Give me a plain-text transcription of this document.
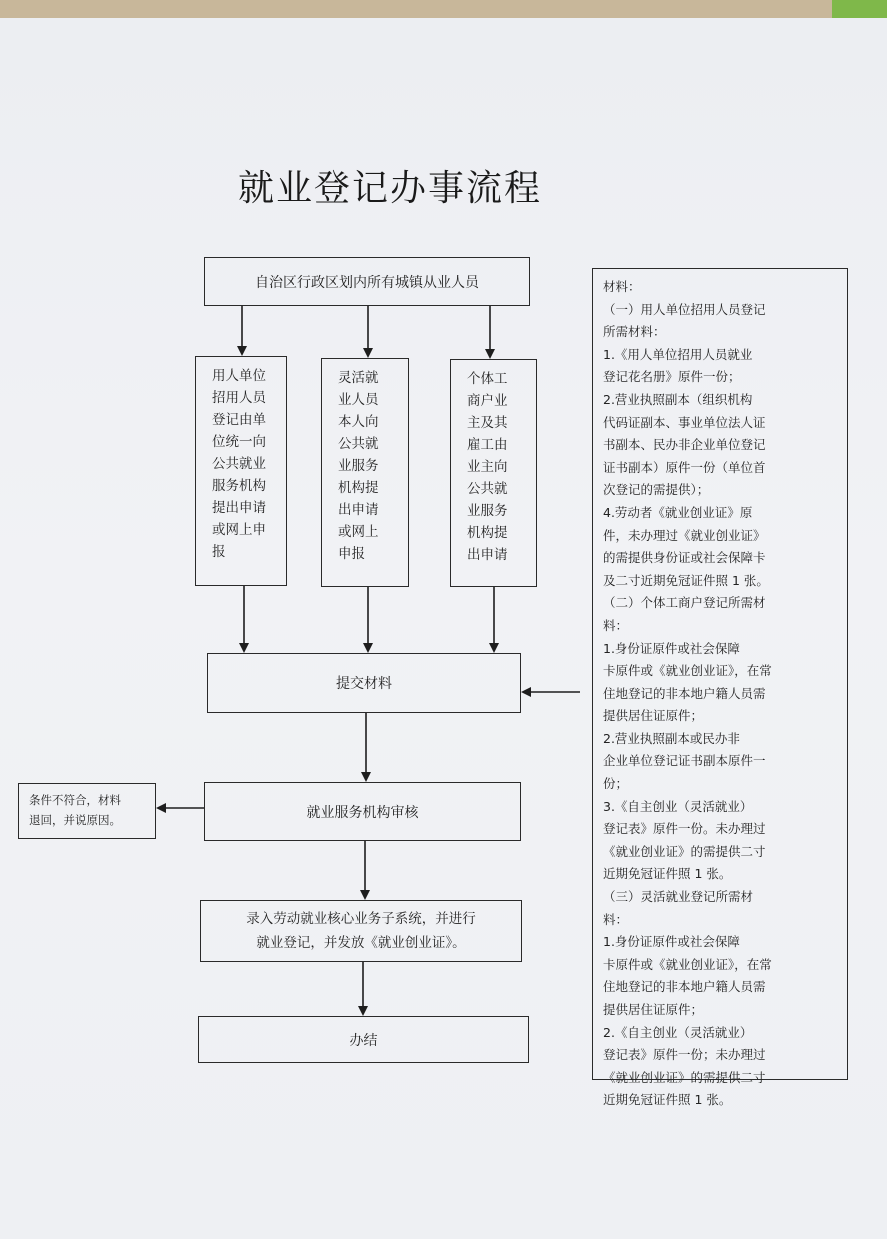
就业登记办事流程
自治区行政区划内所有城镇从业人员
用人单位
招用人员
登记由单
位统一向
公共就业
服务机构
提出申请
或网上申
报
灵活就
业人员
本人向
公共就
业服务
机构提
出申请
或网上
申报
个体工
商户业
主及其
雇工由
业主向
公共就
业服务
机构提
出申请
提交材料
就业服务机构审核
条件不符合，材料
退回，并说原因。
录入劳动就业核心业务子系统，并进行
就业登记，并发放《就业创业证》。
办结
材料：
（一）用人单位招用人员登记
所需材料：
1.《用人单位招用人员就业
登记花名册》原件一份；
2.营业执照副本（组织机构
代码证副本、事业单位法人证
书副本、民办非企业单位登记
证书副本）原件一份（单位首
次登记的需提供）；
4.劳动者《就业创业证》原
件，未办理过《就业创业证》
的需提供身份证或社会保障卡
及二寸近期免冠证件照 1 张。
（二）个体工商户登记所需材
料：
1.身份证原件或社会保障
卡原件或《就业创业证》，在常
住地登记的非本地户籍人员需
提供居住证原件；
2.营业执照副本或民办非
企业单位登记证书副本原件一
份；
3.《自主创业（灵活就业）
登记表》原件一份。未办理过
《就业创业证》的需提供二寸
近期免冠证件照 1 张。
（三）灵活就业登记所需材
料：
1.身份证原件或社会保障
卡原件或《就业创业证》，在常
住地登记的非本地户籍人员需
提供居住证原件；
2.《自主创业（灵活就业）
登记表》原件一份；未办理过
《就业创业证》的需提供二寸
近期免冠证件照 1 张。
